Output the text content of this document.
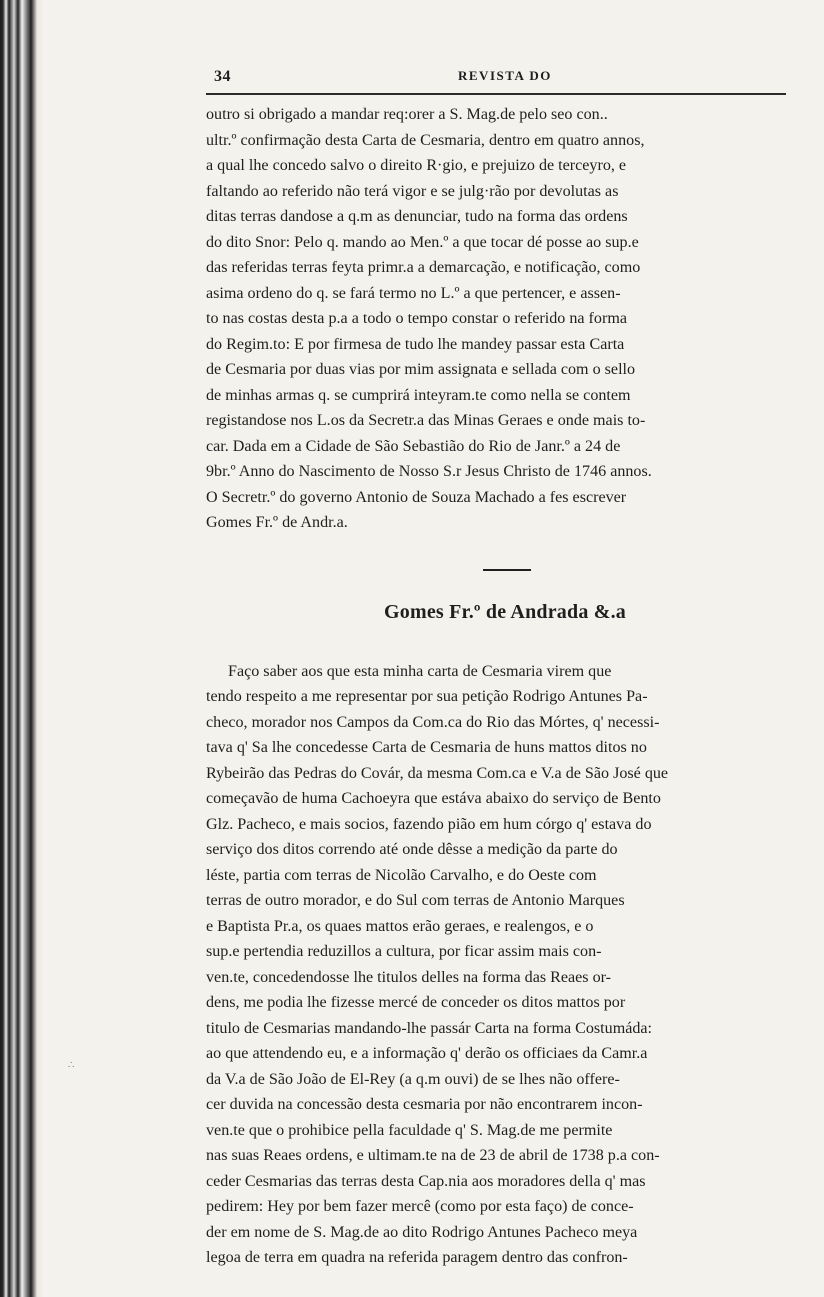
∴
34	REVISTA DO
outro si obrigado a mandar req:orer a S. Mag.de pelo seo con..
ultr.º confirmação desta Carta de Cesmaria, dentro em quatro annos,
a qual lhe concedo salvo o direito R·gio, e prejuizo de terceyro, e
faltando ao referido não terá vigor e se julg·rão por devolutas as
ditas terras dandose a q.m as denunciar, tudo na forma das ordens
do dito Snor: Pelo q. mando ao Men.º a que tocar dé posse ao sup.e
das referidas terras feyta primr.a a demarcação, e notificação, como
asima ordeno do q. se fará termo no L.º a que pertencer, e assen-
to nas costas desta p.a a todo o tempo constar o referido na forma
do Regim.to: E por firmesa de tudo lhe mandey passar esta Carta
de Cesmaria por duas vias por mim assignata e sellada com o sello
de minhas armas q. se cumprirá inteyram.te como nella se contem
registandose nos L.os da Secretr.a das Minas Geraes e onde mais to-
car. Dada em a Cidade de São Sebastião do Rio de Janr.º a 24 de
9br.º Anno do Nascimento de Nosso S.r Jesus Christo de 1746 annos.
O Secretr.º do governo Antonio de Souza Machado a fes escrever
Gomes Fr.º de Andr.a.
Gomes Fr.º de Andrada &.a
Faço saber aos que esta minha carta de Cesmaria virem que
tendo respeito a me representar por sua petição Rodrigo Antunes Pa-
checo, morador nos Campos da Com.ca do Rio das Mórtes, q' necessi-
tava q' Sa lhe concedesse Carta de Cesmaria de huns mattos ditos no
Rybeirão das Pedras do Covár, da mesma Com.ca e V.a de São José que
começavão de huma Cachoeyra que estáva abaixo do serviço de Bento
Glz. Pacheco, e mais socios, fazendo pião em hum córgo q' estava do
serviço dos ditos correndo até onde dêsse a medição da parte do
léste, partia com terras de Nicolão Carvalho, e do Oeste com
terras de outro morador, e do Sul com terras de Antonio Marques
e Baptista Pr.a, os quaes mattos erão geraes, e realengos, e o
sup.e pertendia reduzillos a cultura, por ficar assim mais con-
ven.te, concedendosse lhe titulos delles na forma das Reaes or-
dens, me podia lhe fizesse mercé de conceder os ditos mattos por
titulo de Cesmarias mandando-lhe passár Carta na forma Costumáda:
ao que attendendo eu, e a informação q' derão os officiaes da Camr.a
da V.a de São João de El-Rey (a q.m ouvi) de se lhes não offere-
cer duvida na concessão desta cesmaria por não encontrarem incon-
ven.te que o prohibice pella faculdade q' S. Mag.de me permite
nas suas Reaes ordens, e ultimam.te na de 23 de abril de 1738 p.a con-
ceder Cesmarias das terras desta Cap.nia aos moradores della q' mas
pedirem: Hey por bem fazer mercê (como por esta faço) de conce-
der em nome de S. Mag.de ao dito Rodrigo Antunes Pacheco meya
legoa de terra em quadra na referida paragem dentro das confron-
